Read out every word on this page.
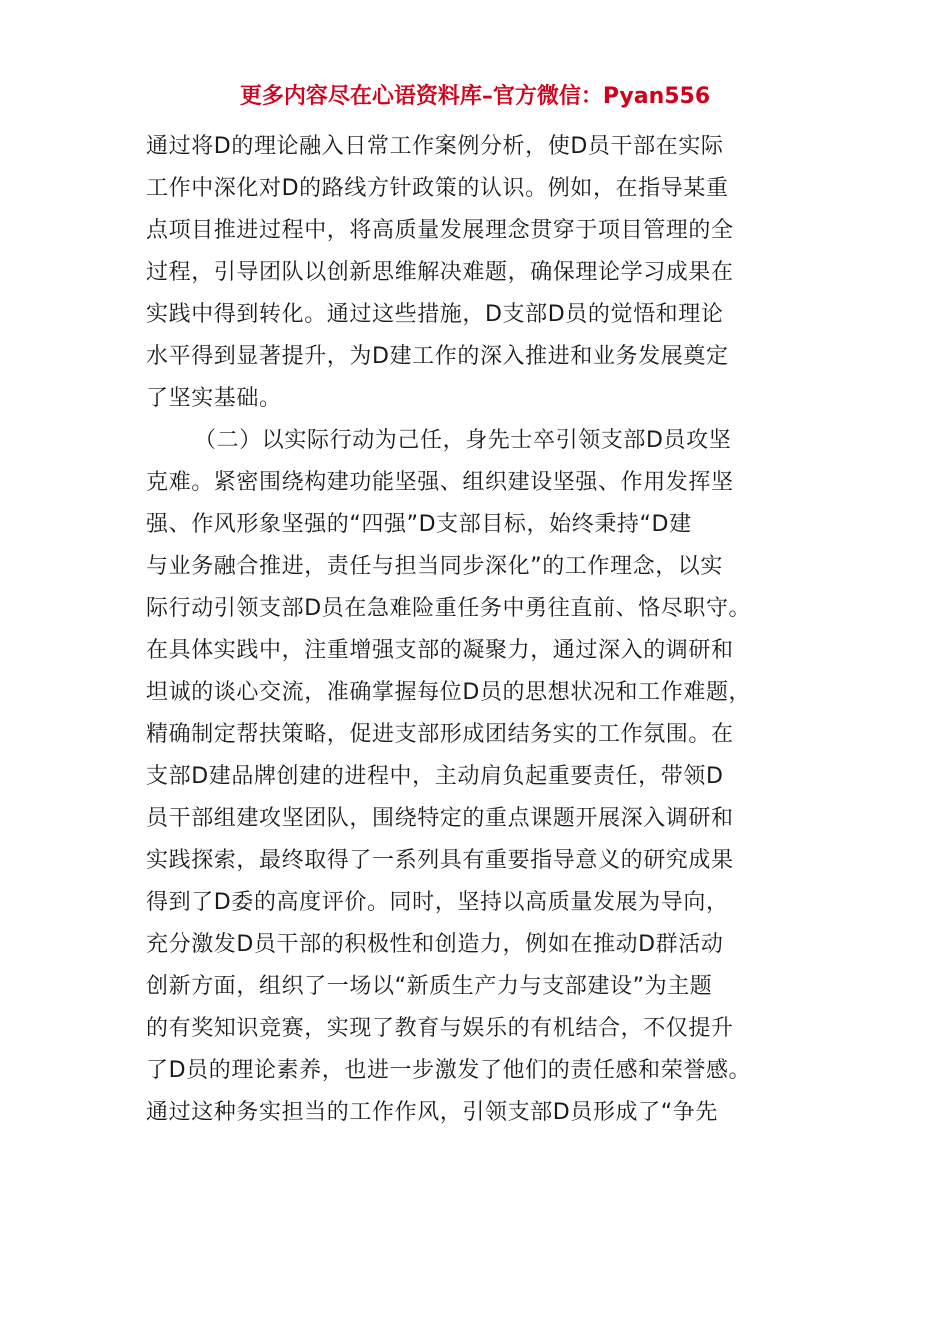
更多内容尽在心语资料库–官方微信：Pyan556
通过将D的理论融入日常工作案例分析，使D员干部在实际
工作中深化对D的路线方针政策的认识。例如，在指导某重
点项目推进过程中，将高质量发展理念贯穿于项目管理的全
过程，引导团队以创新思维解决难题，确保理论学习成果在
实践中得到转化。通过这些措施，D支部D员的觉悟和理论
水平得到显著提升，为D建工作的深入推进和业务发展奠定
了坚实基础。
（二）以实际行动为己任，身先士卒引领支部D员攻坚
克难。紧密围绕构建功能坚强、组织建设坚强、作用发挥坚
强、作风形象坚强的“四强”D支部目标，始终秉持“D建
与业务融合推进，责任与担当同步深化”的工作理念，以实
际行动引领支部D员在急难险重任务中勇往直前、恪尽职守。
在具体实践中，注重增强支部的凝聚力，通过深入的调研和
坦诚的谈心交流，准确掌握每位D员的思想状况和工作难题，
精确制定帮扶策略，促进支部形成团结务实的工作氛围。在
支部D建品牌创建的进程中，主动肩负起重要责任，带领D
员干部组建攻坚团队，围绕特定的重点课题开展深入调研和
实践探索，最终取得了一系列具有重要指导意义的研究成果
得到了D委的高度评价。同时，坚持以高质量发展为导向，
充分激发D员干部的积极性和创造力，例如在推动D群活动
创新方面，组织了一场以“新质生产力与支部建设”为主题
的有奖知识竞赛，实现了教育与娱乐的有机结合，不仅提升
了D员的理论素养，也进一步激发了他们的责任感和荣誉感。
通过这种务实担当的工作作风，引领支部D员形成了“争先
